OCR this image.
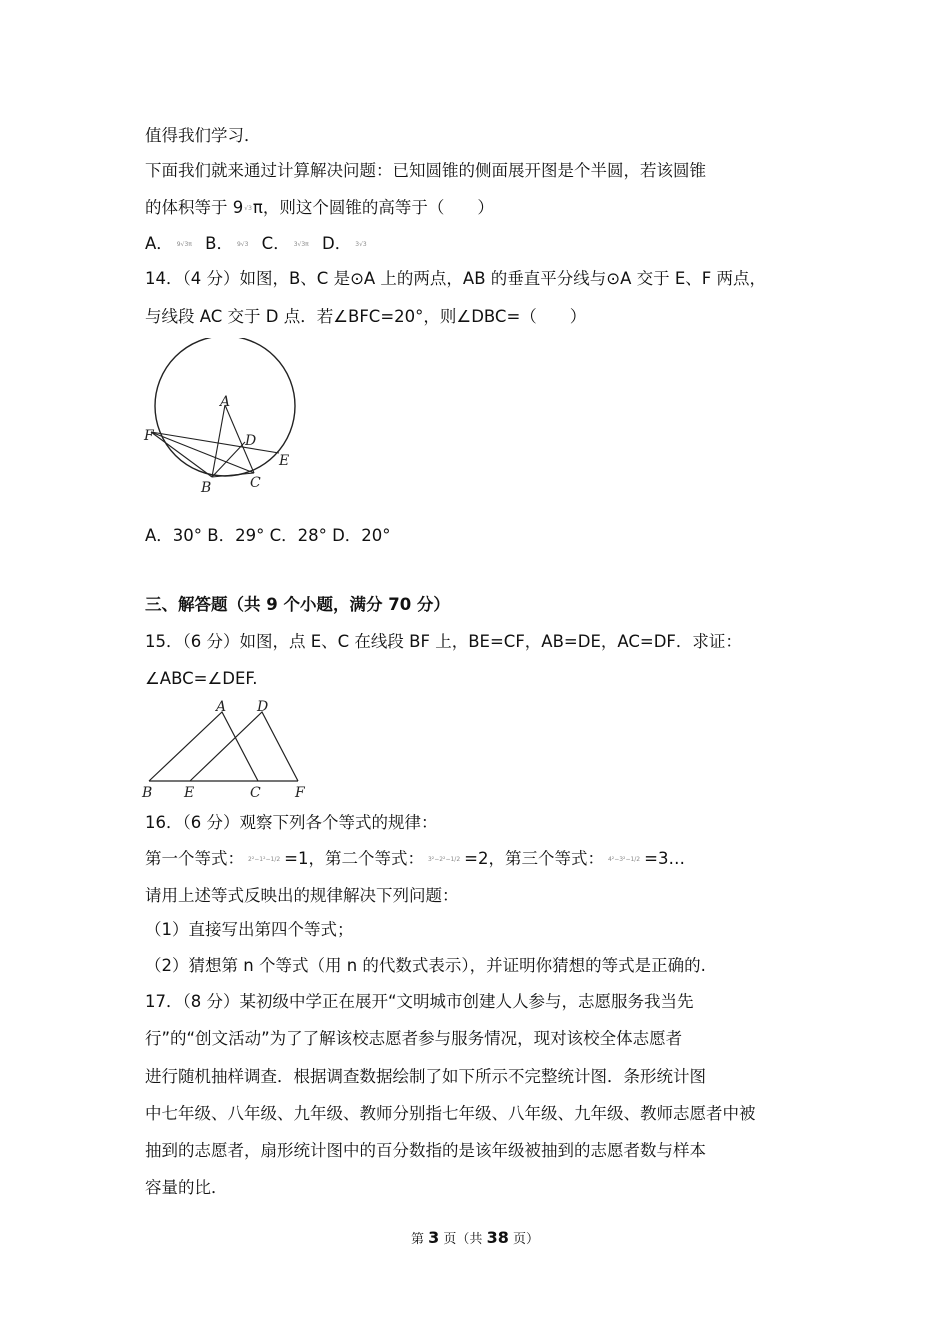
值得我们学习．
下面我们就来通过计算解决问题：已知圆锥的侧面展开图是个半圆，若该圆锥
的体积等于 9√3π，则这个圆锥的高等于（　　）
A． 9√3π B． 9√3 C． 3√3π D． 3√3
14．（4 分）如图，B、C 是⊙A 上的两点，AB 的垂直平分线与⊙A 交于 E、F 两点，
与线段 AC 交于 D 点．若∠BFC=20°，则∠DBC=（　　）
A
F	D
E
B	C
A．30° B．29° C．28° D．20°
三、解答题（共 9 个小题，满分 70 分）
15．（6 分）如图，点 E、C 在线段 BF 上，BE=CF，AB=DE，AC=DF．求证：
∠ABC=∠DEF.
A D
B E	C F
16．（6 分）观察下列各个等式的规律：
第一个等式： 2²−1²−1/2 =1，第二个等式： 3²−2²−1/2 =2，第三个等式： 4²−3²−1/2 =3…
请用上述等式反映出的规律解决下列问题：
（1）直接写出第四个等式；
（2）猜想第 n 个等式（用 n 的代数式表示），并证明你猜想的等式是正确的.
17．（8 分）某初级中学正在展开“文明城市创建人人参与，志愿服务我当先
行”的“创文活动”为了了解该校志愿者参与服务情况，现对该校全体志愿者
进行随机抽样调查．根据调查数据绘制了如下所示不完整统计图．条形统计图
中七年级、八年级、九年级、教师分别指七年级、八年级、九年级、教师志愿者中被
抽到的志愿者，扇形统计图中的百分数指的是该年级被抽到的志愿者数与样本
容量的比．
第 3 页（共 38 页）
